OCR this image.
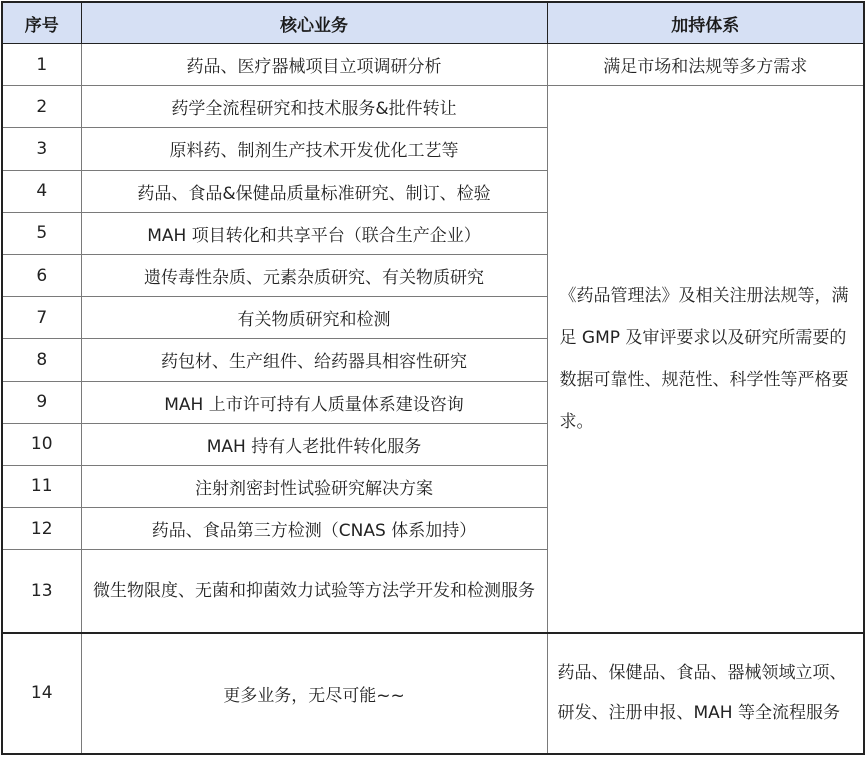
序号	核心业务	加持体系
1	药品、医疗器械项目立项调研分析	满足市场和法规等多方需求
2	药学全流程研究和技术服务&批件转让	《药品管理法》及相关注册法规等，满足 GMP 及审评要求以及研究所需要的数据可靠性、规范性、科学性等严格要求。
3	原料药、制剂生产技术开发优化工艺等	
4	药品、食品&保健品质量标准研究、制订、检验	
5	MAH 项目转化和共享平台（联合生产企业）	
6	遗传毒性杂质、元素杂质研究、有关物质研究	
7	有关物质研究和检测	
8	药包材、生产组件、给药器具相容性研究	
9	MAH 上市许可持有人质量体系建设咨询	
10	MAH 持有人老批件转化服务	
11	注射剂密封性试验研究解决方案	
12	药品、食品第三方检测（CNAS 体系加持）	
13	微生物限度、无菌和抑菌效力试验等方法学开发和检测服务	
14	更多业务，无尽可能~~	药品、保健品、食品、器械领域立项、研发、注册申报、MAH 等全流程服务
